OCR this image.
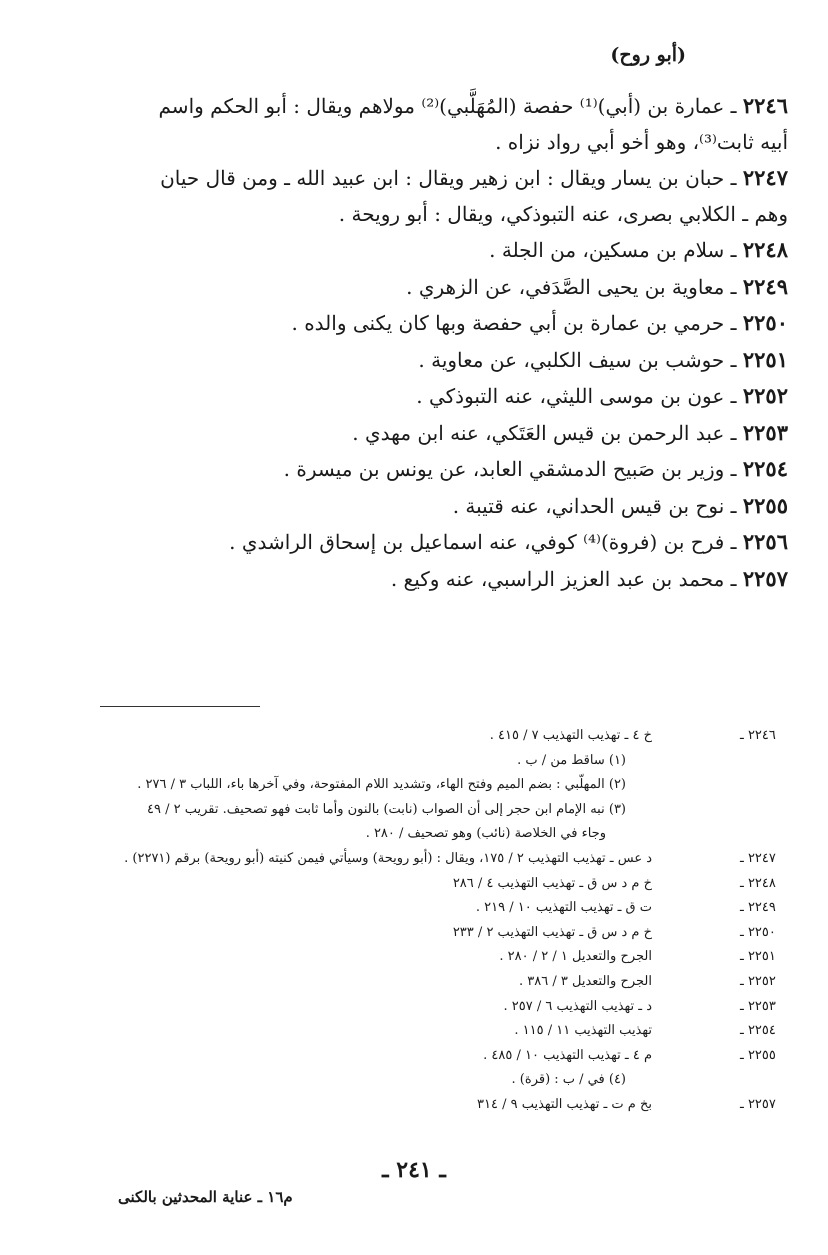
(أبو روح)
٢٢٤٦ ـ عمارة بن (أبي)⁽¹⁾ حفصة (المُهَلَّبي)⁽²⁾ مولاهم ويقال : أبو الحكم واسم
أبيه ثابت⁽³⁾، وهو أخو أبي رواد نزاه .
٢٢٤٧ ـ حبان بن يسار ويقال : ابن زهير ويقال : ابن عبيد الله ـ ومن قال حيان
وهم ـ الكلابي بصرى، عنه التبوذكي، ويقال : أبو رويحة .
٢٢٤٨ ـ سلام بن مسكين، من الجلة .
٢٢٤٩ ـ معاوية بن يحيى الصَّدَفي، عن الزهري .
٢٢٥٠ ـ حرمي بن عمارة بن أبي حفصة وبها كان يكنى والده .
٢٢٥١ ـ حوشب بن سيف الكلبي، عن معاوية .
٢٢٥٢ ـ عون بن موسى الليثي، عنه التبوذكي .
٢٢٥٣ ـ عبد الرحمن بن قيس العَتَكي، عنه ابن مهدي .
٢٢٥٤ ـ وزير بن صَبيح الدمشقي العابد، عن يونس بن ميسرة .
٢٢٥٥ ـ نوح بن قيس الحداني، عنه قتيبة .
٢٢٥٦ ـ فرح بن (فروة)⁽⁴⁾ كوفي، عنه اسماعيل بن إسحاق الراشدي .
٢٢٥٧ ـ محمد بن عبد العزيز الراسبي، عنه وكيع .
٢٢٤٦ ـ
خ ٤ ـ تهذيب التهذيب ٧ / ٤١٥ .
(١) ساقط من / ب .
(٢) المهلّبي : بضم الميم وفتح الهاء، وتشديد اللام المفتوحة، وفي آخرها باء، اللباب ٣ / ٢٧٦ .
(٣) نبه الإمام ابن حجر إلى أن الصواب (نابت) بالنون وأما ثابت فهو تصحيف. تقريب ٢ / ٤٩
وجاء في الخلاصة (نائب) وهو تصحيف / ٢٨٠ .
٢٢٤٧ ـ
د عس ـ تهذيب التهذيب ٢ / ١٧٥، ويقال : (أبو رويحة) وسيأتي فيمن كنيته (أبو رويحة) برقم (٢٢٧١) .
٢٢٤٨ ـ
خ م د س ق ـ تهذيب التهذيب ٤ / ٢٨٦
٢٢٤٩ ـ
ت ق ـ تهذيب التهذيب ١٠ / ٢١٩ .
٢٢٥٠ ـ
خ م د س ق ـ تهذيب التهذيب ٢ / ٢٣٣
٢٢٥١ ـ
الجرح والتعديل ١ / ٢ / ٢٨٠ .
٢٢٥٢ ـ
الجرح والتعديل ٣ / ٣٨٦ .
٢٢٥٣ ـ
د ـ تهذيب التهذيب ٦ / ٢٥٧ .
٢٢٥٤ ـ
تهذيب التهذيب ١١ / ١١٥ .
٢٢٥٥ ـ
م ٤ ـ تهذيب التهذيب ١٠ / ٤٨٥ .
(٤) في / ب : (قرة) .
٢٢٥٧ ـ
بخ م ت ـ تهذيب التهذيب ٩ / ٣١٤
ـ ٢٤١ ـ
م١٦ ـ عناية المحدثين بالكنى
